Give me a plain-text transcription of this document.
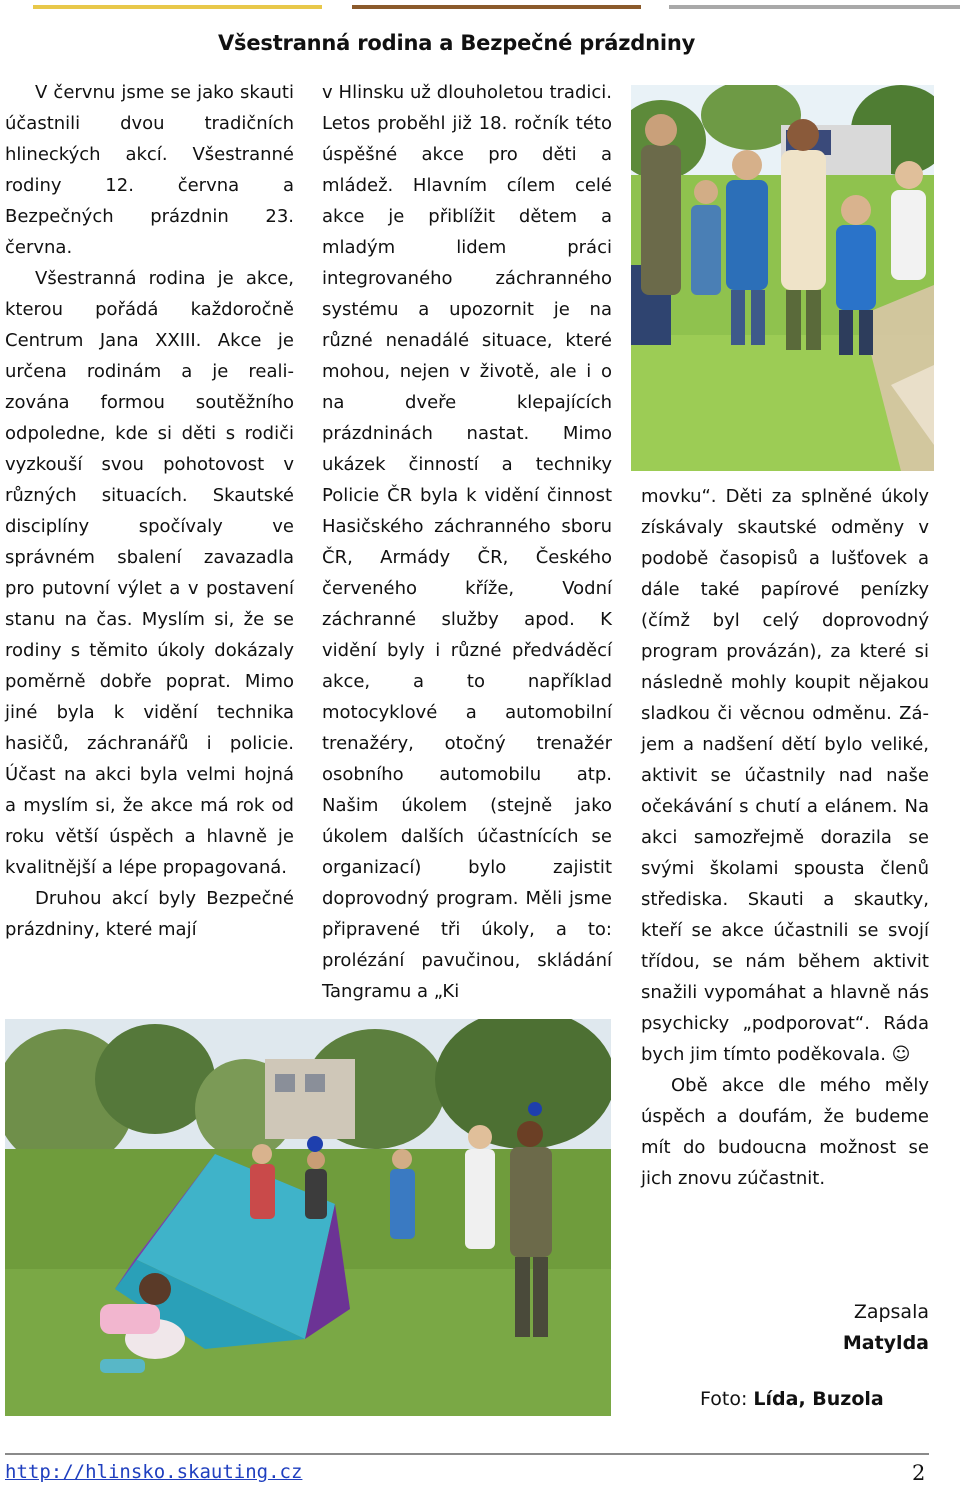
Všestranná rodina a Bezpečné prázdniny

V červnu jsme se jako skauti účastnili dvou tradičních hlineckých akcí. Všestranné rodiny 12. června a Bezpečných prázdnin 23. června.

Všestranná rodina je akce, kterou pořádá každoročně Centrum Jana XXIII. Akce je určena rodinám a je realizována formou soutěžního odpoledne, kde si děti s rodiči vyzkouší svou pohotovost v různých situacích. Skautské disciplíny spočívaly ve správném sbalení zavazadla pro putovní výlet a v postavení stanu na čas. Myslím si, že se rodiny s těmito úkoly dokázaly poměrně dobře poprat. Mimo jiné byla k vidění technika hasičů, záchranářů i policie. Účast na akci byla velmi hojná a myslím si, že akce má rok od roku větší úspěch a hlavně je kvalitnější a lépe propagovaná.

Druhou akcí byly Bezpečné prázdniny, které mají

v Hlinsku už dlouholetou tradici. Letos proběhl již 18. ročník této úspěšné akce pro děti a mládež. Hlavním cílem celé akce je přiblížit dětem a mladým lidem práci integrovaného záchranného systému a upozornit je na různé nenadálé situace, které mohou, nejen v životě, ale i o na dveře klepajících prázdninách nastat. Mimo ukázek činností a techniky Policie ČR byla k vidění činnost Hasičského záchranného sboru ČR, Armády ČR, Českého červeného kříže, Vodní záchranné služby apod. K vidění byly i různé předváděcí akce, a to například motocyklové a automobilní trenažéry, otočný trenažér osobního automobilu atp. Našim úkolem (stejně jako úkolem dalších účastnících se organizací) bylo zajistit doprovodný program. Měli jsme připravené tři úkoly, a to: prolézání pavučinou, skládání Tangramu a „Ki

movku“. Děti za splněné úkoly získávaly skautské odměny v podobě časopisů a lušťovek a dále také papírové penízky (čímž byl celý doprovodný program provázán), za které si následně mohly koupit nějakou sladkou či věcnou odměnu. Zájem a nadšení dětí bylo veliké, aktivit se účastnily nad naše očekávání s chutí a elánem. Na akci samozřejmě dorazila se svými školami spousta členů střediska. Skauti a skautky, kteří se akce účastnili se svojí třídou, se nám během aktivit snažili vypomáhat a hlavně nás psychicky „podporovat“. Ráda bych jim tímto poděkovala. ☺

Obě akce dle mého měly úspěch a doufám, že budeme mít do budoucna možnost se jich znovu zúčastnit.

Zapsala
Matylda
Foto: Lída, Buzola
http://hlinsko.skauting.cz	2
